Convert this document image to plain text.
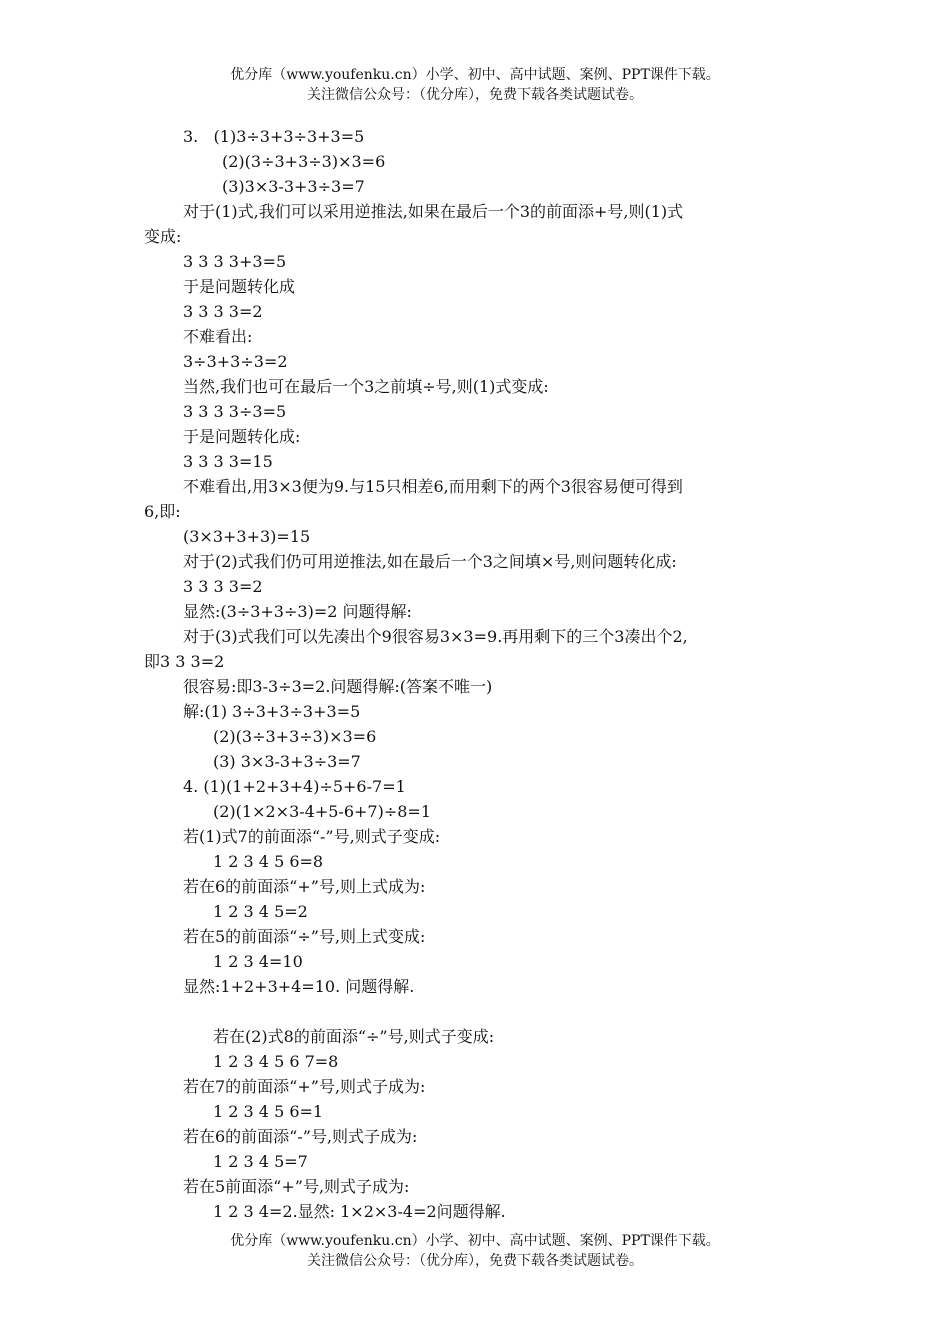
优分库（www.youfenku.cn）小学、初中、高中试题、案例、PPT课件下载。
关注微信公众号：（优分库），免费下载各类试题试卷。
3.   (1)3÷3+3÷3+3=5
(2)(3÷3+3÷3)×3=6
(3)3×3-3+3÷3=7
对于(1)式,我们可以采用逆推法,如果在最后一个3的前面添+号,则(1)式
变成:
3 3 3 3+3=5
于是问题转化成
3 3 3 3=2
不难看出:
3÷3+3÷3=2
当然,我们也可在最后一个3之前填÷号,则(1)式变成:
3 3 3 3÷3=5
于是问题转化成:
3 3 3 3=15
不难看出,用3×3便为9.与15只相差6,而用剩下的两个3很容易便可得到
6,即:
(3×3+3+3)=15
对于(2)式我们仍可用逆推法,如在最后一个3之间填×号,则问题转化成:
3 3 3 3=2
显然:(3÷3+3÷3)=2 问题得解:
对于(3)式我们可以先凑出个9很容易3×3=9.再用剩下的三个3凑出个2,
即3 3 3=2
很容易:即3-3÷3=2.问题得解:(答案不唯一)
解:(1) 3÷3+3÷3+3=5
(2)(3÷3+3÷3)×3=6
(3) 3×3-3+3÷3=7
4. (1)(1+2+3+4)÷5+6-7=1
(2)(1×2×3-4+5-6+7)÷8=1
若(1)式7的前面添“-”号,则式子变成:
1 2 3 4 5 6=8
若在6的前面添“+”号,则上式成为:
1 2 3 4 5=2
若在5的前面添“÷”号,则上式变成:
1 2 3 4=10
显然:1+2+3+4=10. 问题得解.
若在(2)式8的前面添“÷”号,则式子变成:
1 2 3 4 5 6 7=8
若在7的前面添“+”号,则式子成为:
1 2 3 4 5 6=1
若在6的前面添“-”号,则式子成为:
1 2 3 4 5=7
若在5前面添“+”号,则式子成为:
1 2 3 4=2.显然: 1×2×3-4=2问题得解.
优分库（www.youfenku.cn）小学、初中、高中试题、案例、PPT课件下载。
关注微信公众号：（优分库），免费下载各类试题试卷。
